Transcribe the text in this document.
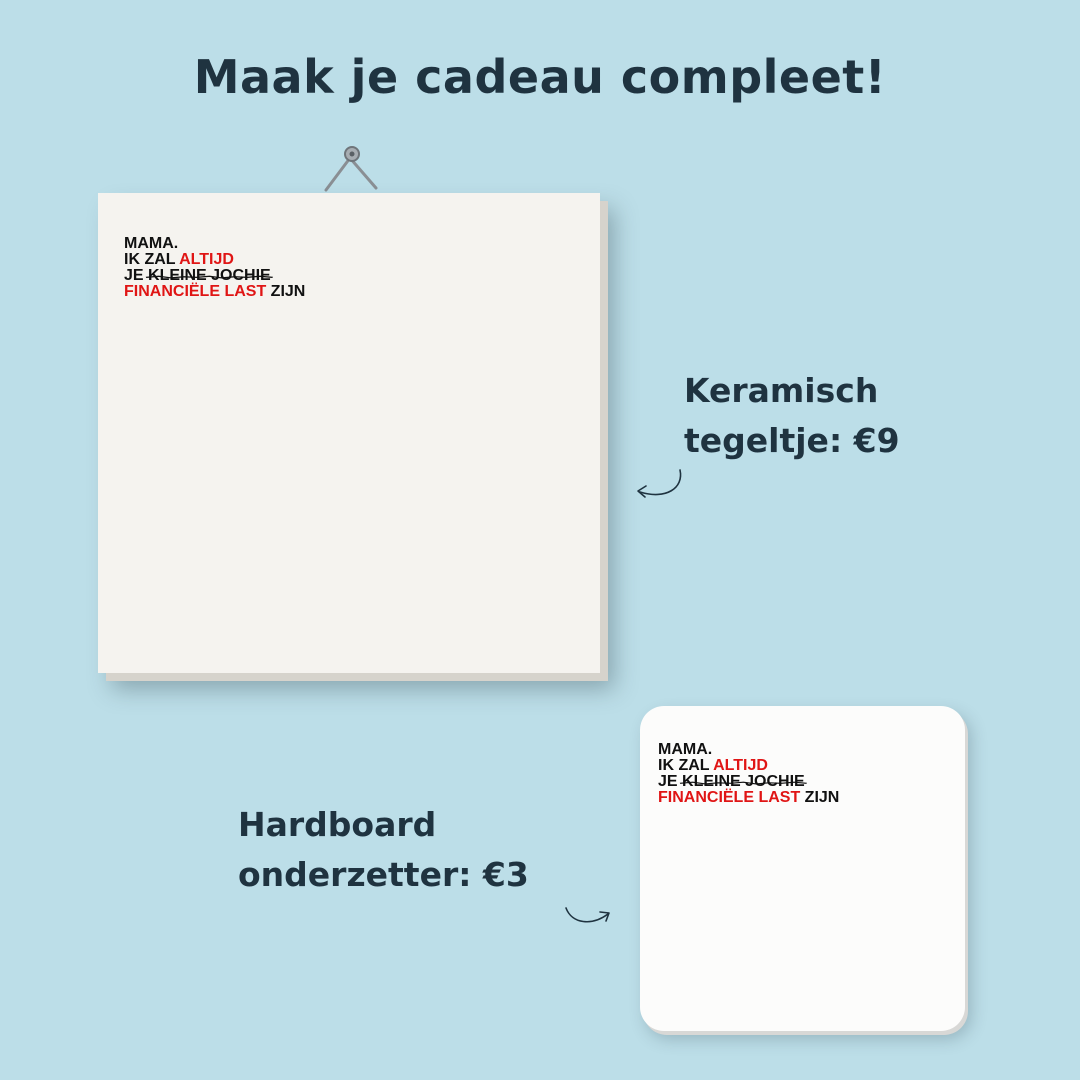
Maak je cadeau compleet!
MAMA.
IK ZAL ALTIJD
JE KLEINE JOCHIE
FINANCIËLE LAST ZIJN
Keramisch
tegeltje: €9
MAMA.
IK ZAL ALTIJD
JE KLEINE JOCHIE
FINANCIËLE LAST ZIJN
Hardboard
onderzetter: €3
